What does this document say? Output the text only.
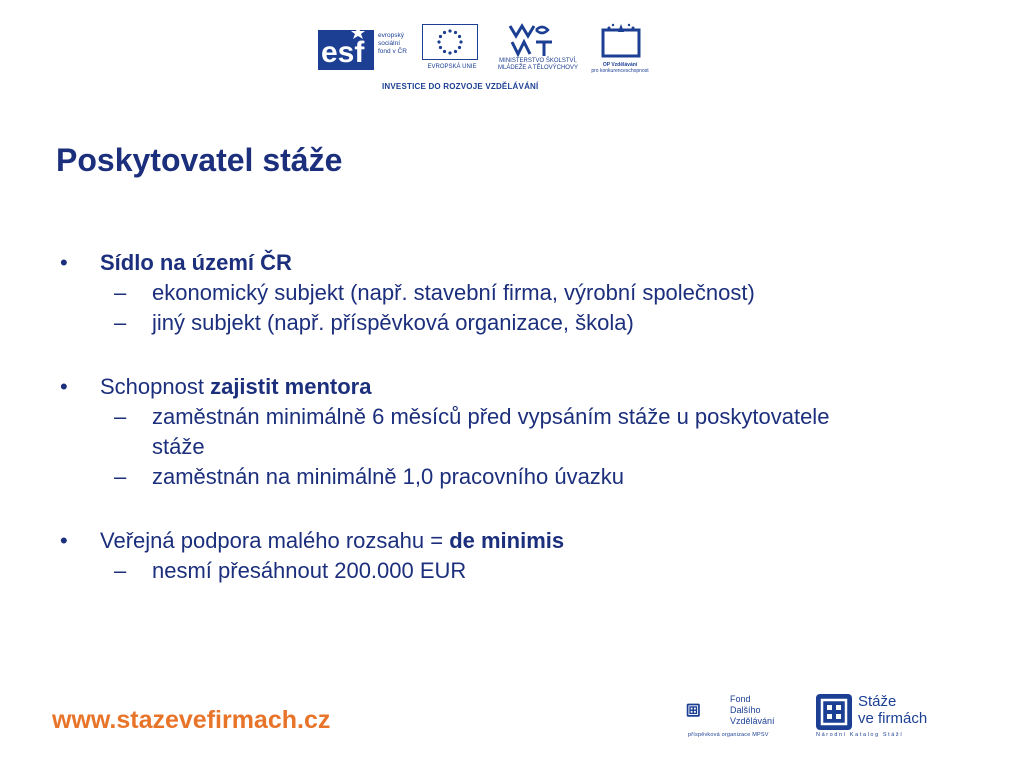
esf
evropský
sociální
fond v ČR
EVROPSKÁ UNIE
MINISTERSTVO ŠKOLSTVÍ,
MLÁDEŽE A TĚLOVÝCHOVY	OP Vzdělávání
pro konkurenceschopnost
INVESTICE DO ROZVOJE VZDĚLÁVÁNÍ
Poskytovatel stáže

• Sídlo na území ČR

– ekonomický subjekt (např. stavební firma, výrobní společnost)

– jiný subjekt (např. příspěvková organizace, škola)

• Schopnost zajistit mentora

– zaměstnán minimálně 6 měsíců před vypsáním stáže u poskytovatele stáže

– zaměstnán na minimálně 1,0 pracovního úvazku

• Veřejná podpora malého rozsahu = de minimis

– nesmí přesáhnout 200.000 EUR

www.stazevefirmach.cz
Fond
Dalšího
Vzdělávání
příspěvková organizace MPSV
Stáže
ve firmách
Národní Katalog Stáží
